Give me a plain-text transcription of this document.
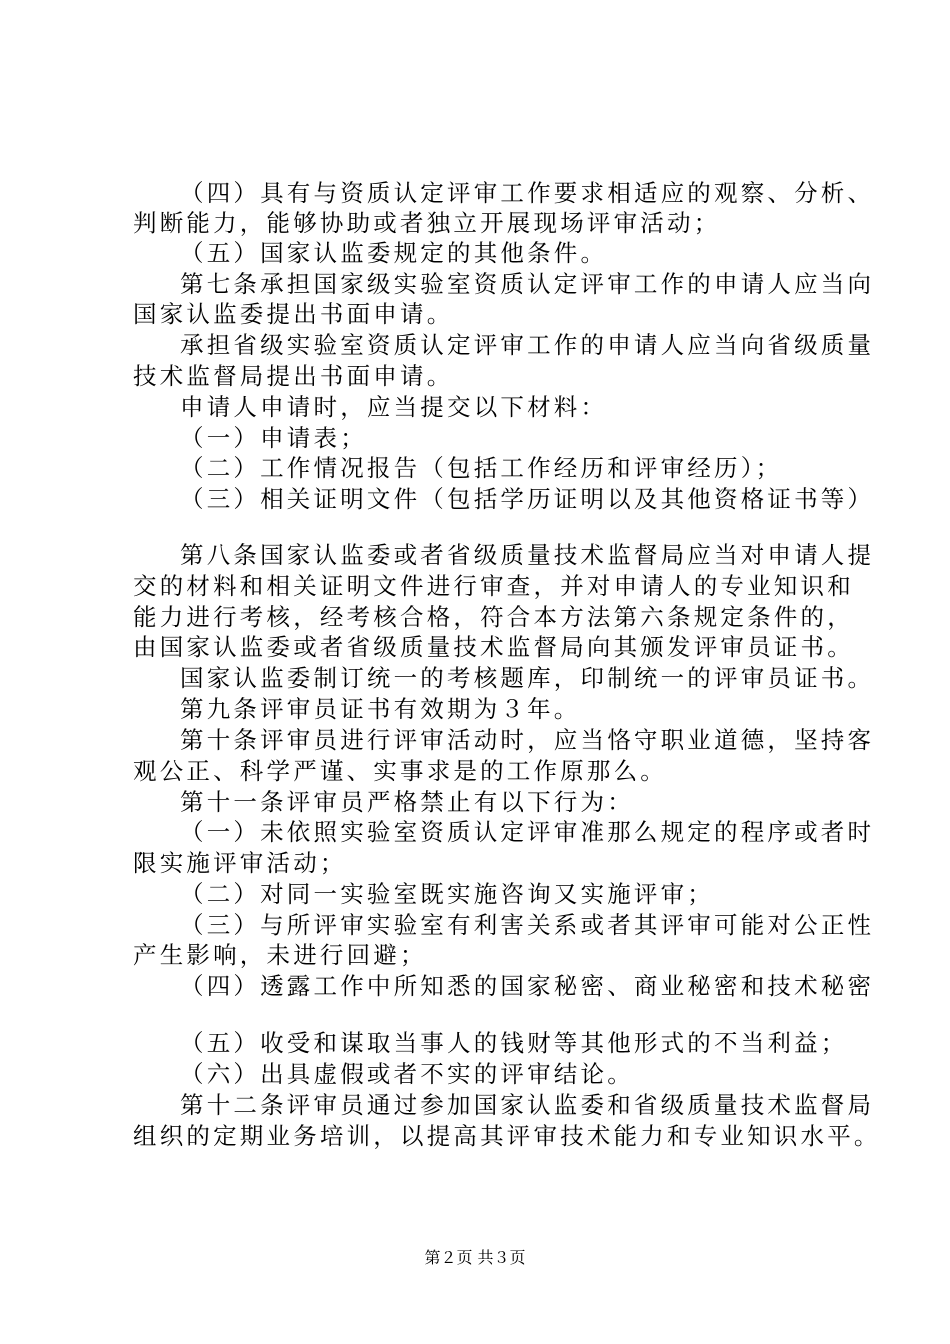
（四）具有与资质认定评审工作要求相适应的观察、分析、
判断能力，能够协助或者独立开展现场评审活动；
（五）国家认监委规定的其他条件。
第七条承担国家级实验室资质认定评审工作的申请人应当向
国家认监委提出书面申请。
承担省级实验室资质认定评审工作的申请人应当向省级质量
技术监督局提出书面申请。
申请人申请时，应当提交以下材料：
（一）申请表；
（二）工作情况报告（包括工作经历和评审经历）；
（三）相关证明文件（包括学历证明以及其他资格证书等）
第八条国家认监委或者省级质量技术监督局应当对申请人提
交的材料和相关证明文件进行审查，并对申请人的专业知识和
能力进行考核，经考核合格，符合本方法第六条规定条件的，
由国家认监委或者省级质量技术监督局向其颁发评审员证书。
国家认监委制订统一的考核题库，印制统一的评审员证书。
第九条评审员证书有效期为３年。
第十条评审员进行评审活动时，应当恪守职业道德，坚持客
观公正、科学严谨、实事求是的工作原那么。
第十一条评审员严格禁止有以下行为：
（一）未依照实验室资质认定评审准那么规定的程序或者时
限实施评审活动；
（二）对同一实验室既实施咨询又实施评审；
（三）与所评审实验室有利害关系或者其评审可能对公正性
产生影响，未进行回避；
（四）透露工作中所知悉的国家秘密、商业秘密和技术秘密
（五）收受和谋取当事人的钱财等其他形式的不当利益；
（六）出具虚假或者不实的评审结论。
第十二条评审员通过参加国家认监委和省级质量技术监督局
组织的定期业务培训，以提高其评审技术能力和专业知识水平。
第２页 共３页
